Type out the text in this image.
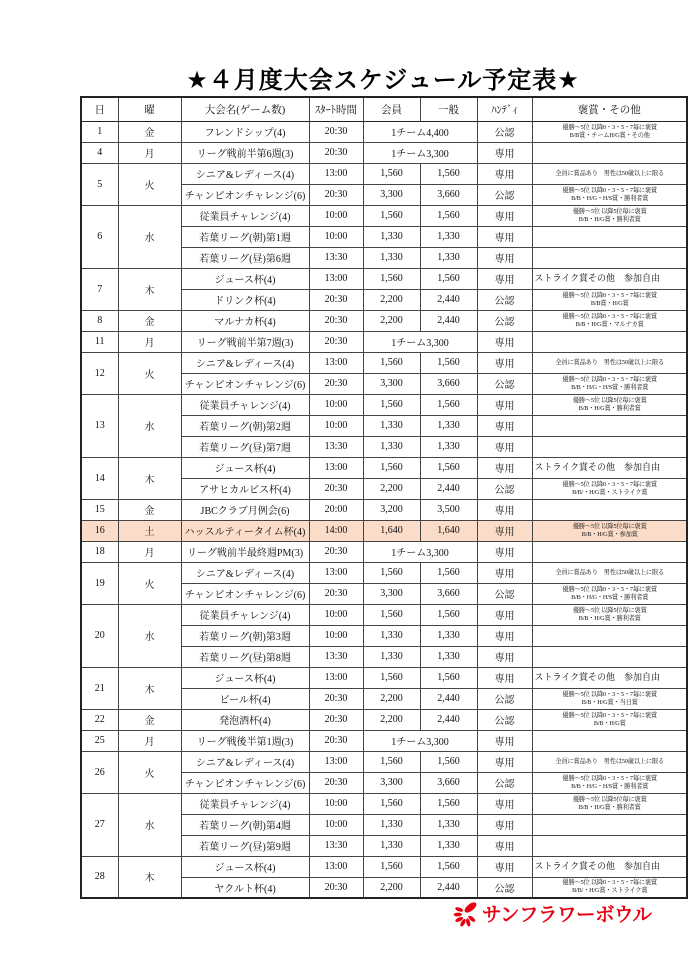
★４月度大会スケジュール予定表★
日	曜	大会名(ゲーム数)	ｽﾀｰﾄ時間	会員	一般	ﾊﾝﾃﾞｨ	褒賞・その他
1	金	フレンドシップ(4)	20:30	1チーム4,400		公認	優勝～5位 以降0・3・5・7毎に褒賞
B/B賞・チームH/G賞・その他

4	月	リーグ戦前半第6週(3)	20:30	1チーム3,300		専用	
5	火	シニア&レディース(4)	13:00	1,560	1,560	専用	全員に賞品あり　男性は50歳以上に限る

		チャンピオンチャレンジ(6)	20:30	3,300	3,660	公認	優勝～5位 以降0・3・5・7毎に褒賞
B/B・H/G・H/S賞・勝利者賞

6	水	従業員チャレンジ(4)	10:00	1,560	1,560	専用	優勝～5位 以降5位毎に褒賞
B/B・H/G賞・勝利者賞

		若葉リーグ(朝)第1週	10:00	1,330	1,330	専用	
		若葉リーグ(昼)第6週	13:30	1,330	1,330	専用	
7	木	ジュース杯(4)	13:00	1,560	1,560	専用	ストライク賞その他　参加自由

		ドリンク杯(4)	20:30	2,200	2,440	公認	優勝～5位 以降0・3・5・7毎に褒賞
B/B賞・H/G賞

8	金	マルナカ杯(4)	20:30	2,200	2,440	公認	優勝～5位 以降0・3・5・7毎に褒賞
B/B・H/G賞・マルナカ賞

11	月	リーグ戦前半第7週(3)	20:30	1チーム3,300		専用	
12	火	シニア&レディース(4)	13:00	1,560	1,560	専用	全員に賞品あり　男性は50歳以上に限る

		チャンピオンチャレンジ(6)	20:30	3,300	3,660	公認	優勝～5位 以降0・3・5・7毎に褒賞
B/B・H/G・H/S賞・勝利者賞

13	水	従業員チャレンジ(4)	10:00	1,560	1,560	専用	優勝～5位 以降5位毎に褒賞
B/B・H/G賞・勝利者賞

		若葉リーグ(朝)第2週	10:00	1,330	1,330	専用	
		若葉リーグ(昼)第7週	13:30	1,330	1,330	専用	
14	木	ジュース杯(4)	13:00	1,560	1,560	専用	ストライク賞その他　参加自由

		アサヒカルピス杯(4)	20:30	2,200	2,440	公認	優勝～5位 以降0・3・5・7毎に褒賞
B/B/・H/G賞・ストライク賞

15	金	JBCクラブ月例会(6)	20:00	3,200	3,500	専用	
16	土	ハッスルティータイム杯(4)	14:00	1,640	1,640	専用	優勝～5位 以降5位毎に褒賞
B/B・H/G賞・参加賞

18	月	リーグ戦前半最終週PM(3)	20:30	1チーム3,300		専用	
19	火	シニア&レディース(4)	13:00	1,560	1,560	専用	全員に賞品あり　男性は50歳以上に限る

		チャンピオンチャレンジ(6)	20:30	3,300	3,660	公認	優勝～5位 以降0・3・5・7毎に褒賞
B/B・H/G・H/S賞・勝利者賞

20	水	従業員チャレンジ(4)	10:00	1,560	1,560	専用	優勝～5位 以降5位毎に褒賞
B/B・H/G賞・勝利者賞

		若葉リーグ(朝)第3週	10:00	1,330	1,330	専用	
		若葉リーグ(昼)第8週	13:30	1,330	1,330	専用	
21	木	ジュース杯(4)	13:00	1,560	1,560	専用	ストライク賞その他　参加自由

		ビール杯(4)	20:30	2,200	2,440	公認	優勝～5位 以降0・3・5・7毎に褒賞
B/B・H/G賞・当日賞

22	金	発泡酒杯(4)	20:30	2,200	2,440	公認	優勝～5位 以降0・3・5・7毎に褒賞
B/B・H/G賞

25	月	リーグ戦後半第1週(3)	20:30	1チーム3,300		専用	
26	火	シニア&レディース(4)	13:00	1,560	1,560	専用	全員に賞品あり　男性は50歳以上に限る

		チャンピオンチャレンジ(6)	20:30	3,300	3,660	公認	優勝～5位 以降0・3・5・7毎に褒賞
B/B・H/G・H/S賞・勝利者賞

27	水	従業員チャレンジ(4)	10:00	1,560	1,560	専用	優勝～5位 以降5位毎に褒賞
B/B・H/G賞・勝利者賞

		若葉リーグ(朝)第4週	10:00	1,330	1,330	専用	
		若葉リーグ(昼)第9週	13:30	1,330	1,330	専用	
28	木	ジュース杯(4)	13:00	1,560	1,560	専用	ストライク賞その他　参加自由

		ヤクルト杯(4)	20:30	2,200	2,440	公認	優勝～5位 以降0・3・5・7毎に褒賞
B/B/・H/G賞・ストライク賞
サンフラワーボウル
